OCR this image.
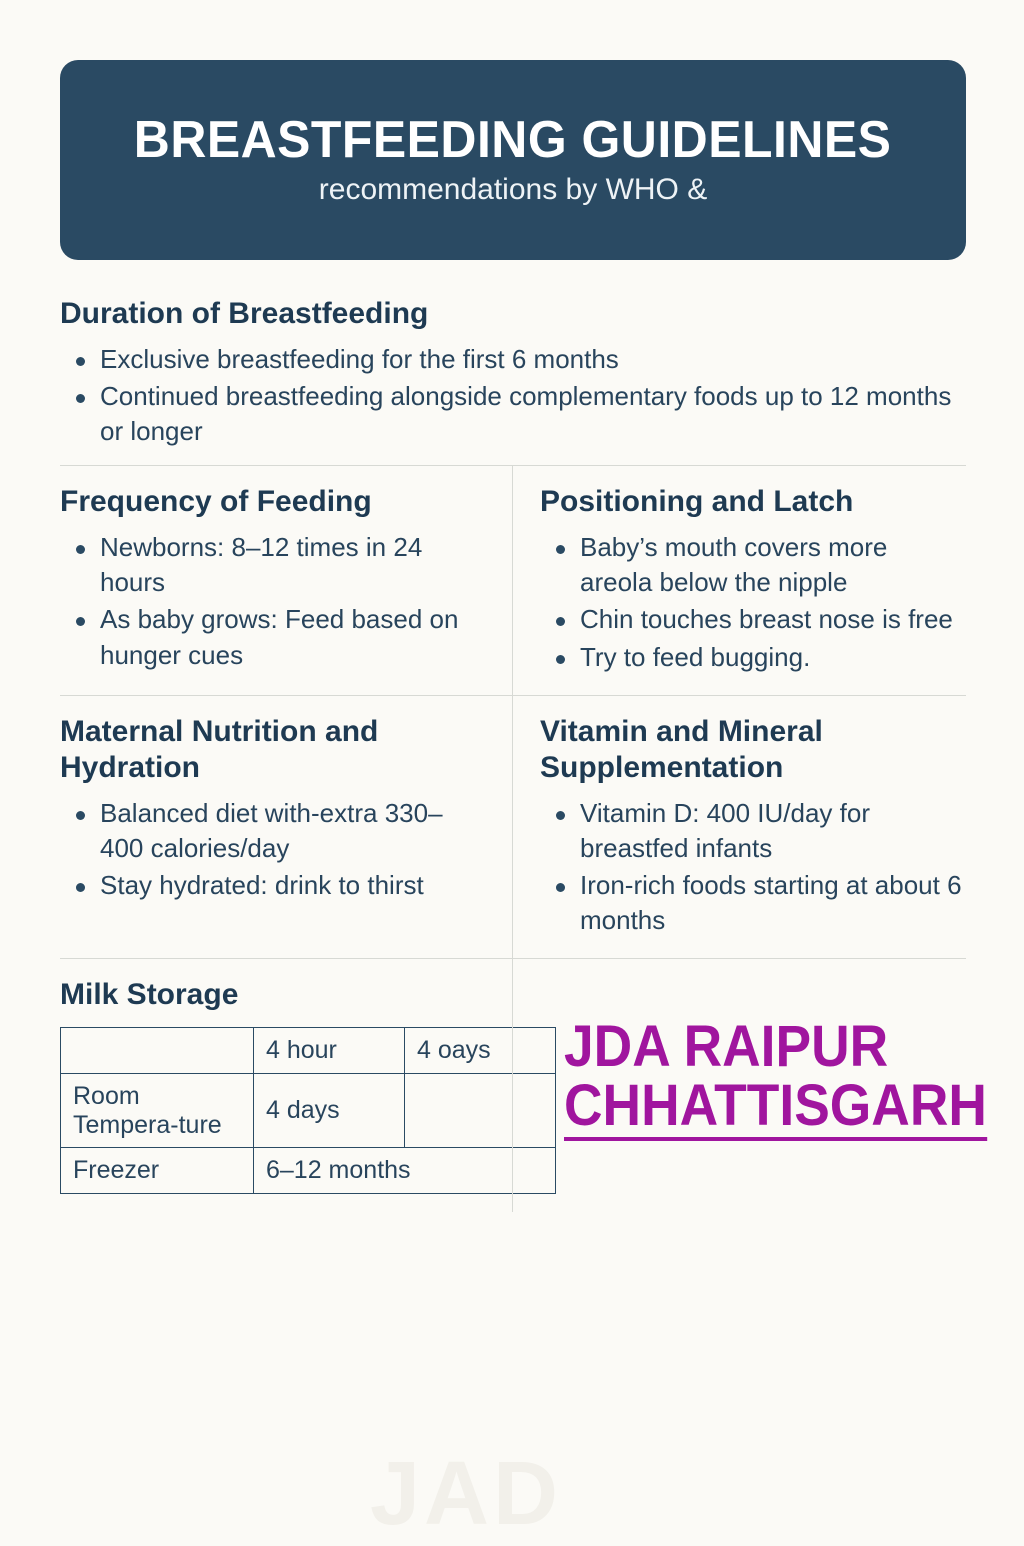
BREASTFEEDING GUIDELINES
recommendations by WHO &
Duration of Breastfeeding
Exclusive breastfeeding for the first 6 months
Continued breastfeeding alongside complementary foods up to 12 months or longer
Frequency of Feeding
Newborns: 8–12 times in 24 hours
As baby grows: Feed based on hunger cues
Positioning and Latch
Baby’s mouth covers more areola below the nipple
Chin touches breast nose is free
Try to feed bugging.
Maternal Nutrition and Hydration
Balanced diet with-extra 330–400 calories/day
Stay hydrated: drink to thirst
Vitamin and Mineral Supplementation
Vitamin D: 400 IU/day for breastfed infants
Iron-rich foods starting at about 6 months
Milk Storage
	4 hour	4 oays
Room Tempera-ture	4 days	
Freezer	6–12 months	
JDA RAIPUR
CHHATTISGARH
JAD
